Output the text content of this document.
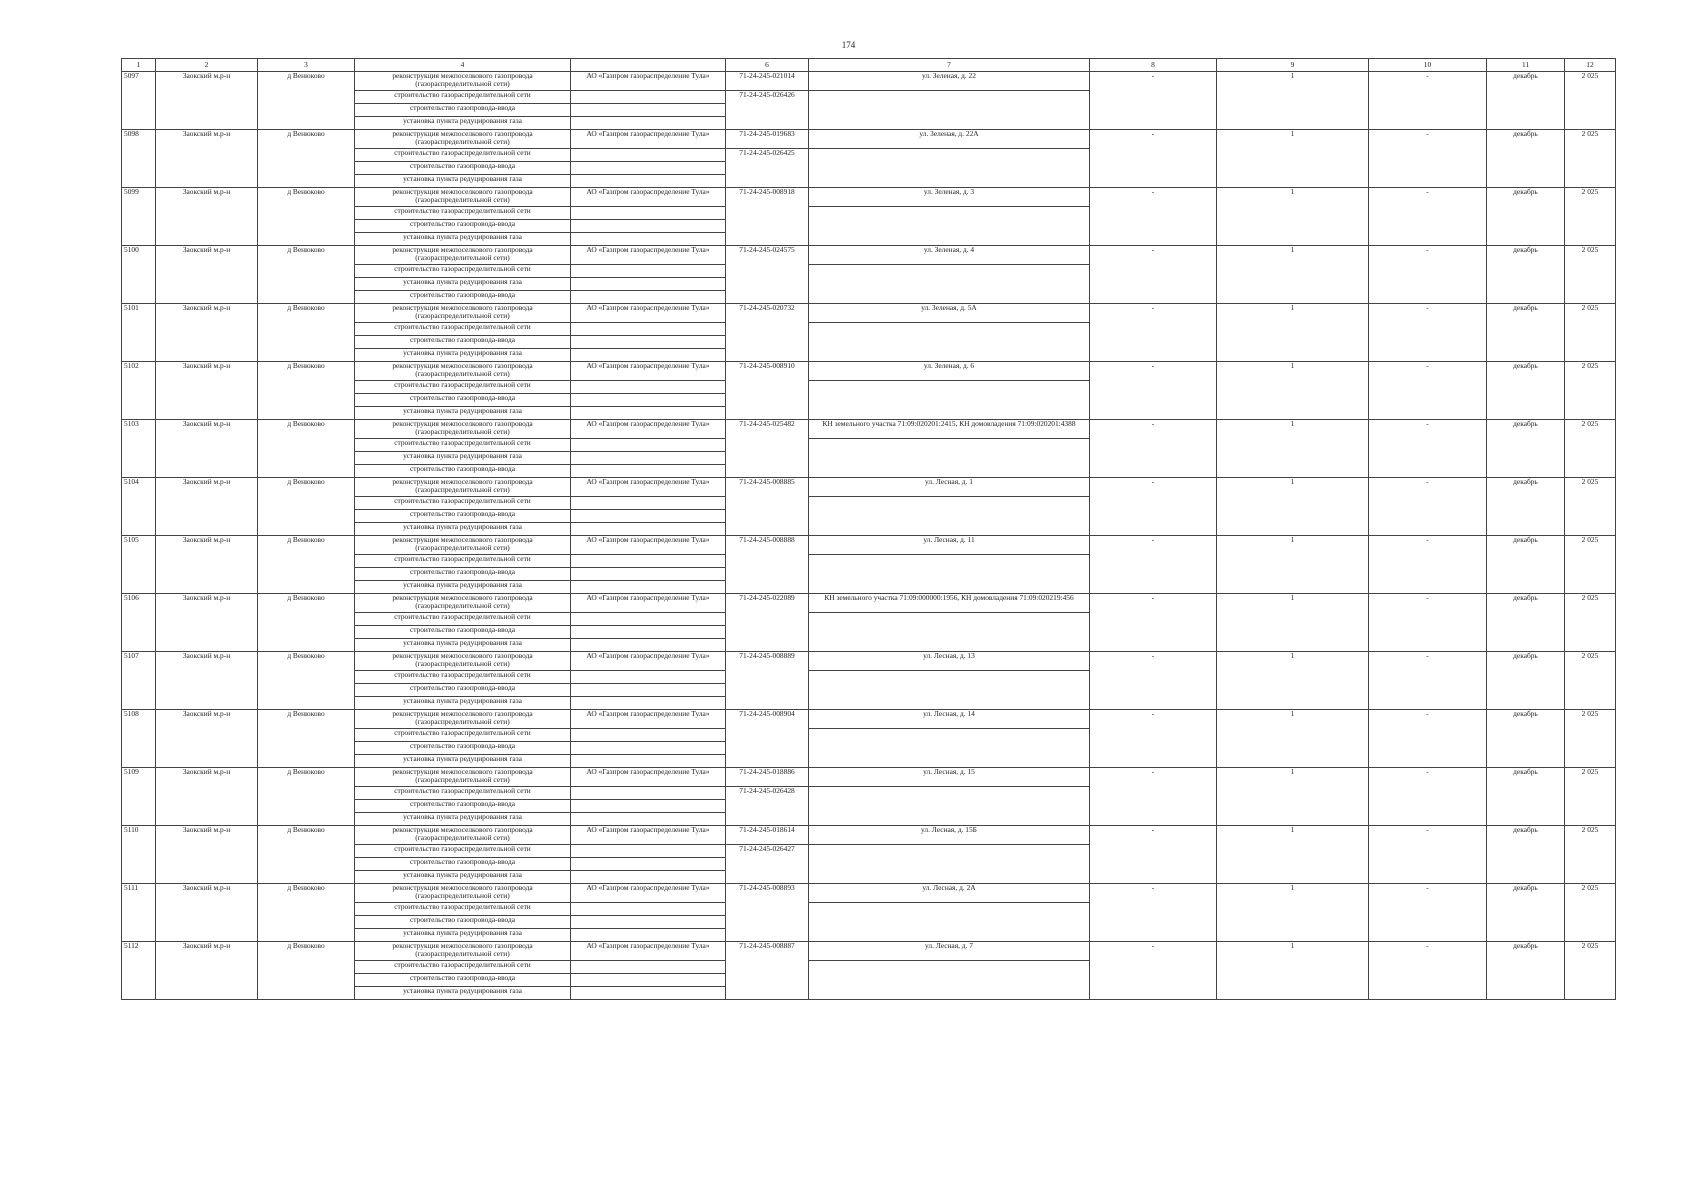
174
1	2	3	4		6	7	8	9	10	11	12
5097	Заокский м.р-н	д Венюково	реконструкция межпоселкового газопровода (газораспределительной сети)	АО «Газпром газораспределение Тула»	71-24-245-021014	ул. Зеленая, д. 22	-	1	-	декабрь	2 025
			строительство газораспределительной сети		71-24-245-026426						
			строительство газопровода-ввода								
			установка пункта редуцирования газа								
5098	Заокский м.р-н	д Венюково	реконструкция межпоселкового газопровода (газораспределительной сети)	АО «Газпром газораспределение Тула»	71-24-245-019683	ул. Зеленая, д. 22А	-	1	-	декабрь	2 025
			строительство газораспределительной сети		71-24-245-026425						
			строительство газопровода-ввода								
			установка пункта редуцирования газа								
5099	Заокский м.р-н	д Венюково	реконструкция межпоселкового газопровода (газораспределительной сети)	АО «Газпром газораспределение Тула»	71-24-245-008918	ул. Зеленая, д. 3	-	1	-	декабрь	2 025
			строительство газораспределительной сети								
			строительство газопровода-ввода								
			установка пункта редуцирования газа								
5100	Заокский м.р-н	д Венюково	реконструкция межпоселкового газопровода (газораспределительной сети)	АО «Газпром газораспределение Тула»	71-24-245-024575	ул. Зеленая, д. 4	-	1	-	декабрь	2 025
			строительство газораспределительной сети								
			установка пункта редуцирования газа								
			строительство газопровода-ввода								
5101	Заокский м.р-н	д Венюково	реконструкция межпоселкового газопровода (газораспределительной сети)	АО «Газпром газораспределение Тула»	71-24-245-020732	ул. Зеленая, д. 5А	-	1	-	декабрь	2 025
			строительство газораспределительной сети								
			строительство газопровода-ввода								
			установка пункта редуцирования газа								
5102	Заокский м.р-н	д Венюково	реконструкция межпоселкового газопровода (газораспределительной сети)	АО «Газпром газораспределение Тула»	71-24-245-008910	ул. Зеленая, д. 6	-	1	-	декабрь	2 025
			строительство газораспределительной сети								
			строительство газопровода-ввода								
			установка пункта редуцирования газа								
5103	Заокский м.р-н	д Венюково	реконструкция межпоселкового газопровода (газораспределительной сети)	АО «Газпром газораспределение Тула»	71-24-245-025482	КН земельного участка 71:09:020201:2415, КН домовладения 71:09:020201:4388	-	1	-	декабрь	2 025
			строительство газораспределительной сети								
			установка пункта редуцирования газа								
			строительство газопровода-ввода								
5104	Заокский м.р-н	д Венюково	реконструкция межпоселкового газопровода (газораспределительной сети)	АО «Газпром газораспределение Тула»	71-24-245-008885	ул. Лесная, д. 1	-	1	-	декабрь	2 025
			строительство газораспределительной сети								
			строительство газопровода-ввода								
			установка пункта редуцирования газа								
5105	Заокский м.р-н	д Венюково	реконструкция межпоселкового газопровода (газораспределительной сети)	АО «Газпром газораспределение Тула»	71-24-245-008888	ул. Лесная, д. 11	-	1	-	декабрь	2 025
			строительство газораспределительной сети								
			строительство газопровода-ввода								
			установка пункта редуцирования газа								
5106	Заокский м.р-н	д Венюково	реконструкция межпоселкового газопровода (газораспределительной сети)	АО «Газпром газораспределение Тула»	71-24-245-022089	КН земельного участка 71:09:000000:1956, КН домовладения 71:09:020219:456	-	1	-	декабрь	2 025
			строительство газораспределительной сети								
			строительство газопровода-ввода								
			установка пункта редуцирования газа								
5107	Заокский м.р-н	д Венюково	реконструкция межпоселкового газопровода (газораспределительной сети)	АО «Газпром газораспределение Тула»	71-24-245-008889	ул. Лесная, д. 13	-	1	-	декабрь	2 025
			строительство газораспределительной сети								
			строительство газопровода-ввода								
			установка пункта редуцирования газа								
5108	Заокский м.р-н	д Венюково	реконструкция межпоселкового газопровода (газораспределительной сети)	АО «Газпром газораспределение Тула»	71-24-245-008904	ул. Лесная, д. 14	-	1	-	декабрь	2 025
			строительство газораспределительной сети								
			строительство газопровода-ввода								
			установка пункта редуцирования газа								
5109	Заокский м.р-н	д Венюково	реконструкция межпоселкового газопровода (газораспределительной сети)	АО «Газпром газораспределение Тула»	71-24-245-018886	ул. Лесная, д. 15	-	1	-	декабрь	2 025
			строительство газораспределительной сети		71-24-245-026428						
			строительство газопровода-ввода								
			установка пункта редуцирования газа								
5110	Заокский м.р-н	д Венюково	реконструкция межпоселкового газопровода (газораспределительной сети)	АО «Газпром газораспределение Тула»	71-24-245-018614	ул. Лесная, д. 15Б	-	1	-	декабрь	2 025
			строительство газораспределительной сети		71-24-245-026427						
			строительство газопровода-ввода								
			установка пункта редуцирования газа								
5111	Заокский м.р-н	д Венюково	реконструкция межпоселкового газопровода (газораспределительной сети)	АО «Газпром газораспределение Тула»	71-24-245-008893	ул. Лесная, д. 2А	-	1	-	декабрь	2 025
			строительство газораспределительной сети								
			строительство газопровода-ввода								
			установка пункта редуцирования газа								
5112	Заокский м.р-н	д Венюково	реконструкция межпоселкового газопровода (газораспределительной сети)	АО «Газпром газораспределение Тула»	71-24-245-008887	ул. Лесная, д. 7	-	1	-	декабрь	2 025
			строительство газораспределительной сети								
			строительство газопровода-ввода								
			установка пункта редуцирования газа								
